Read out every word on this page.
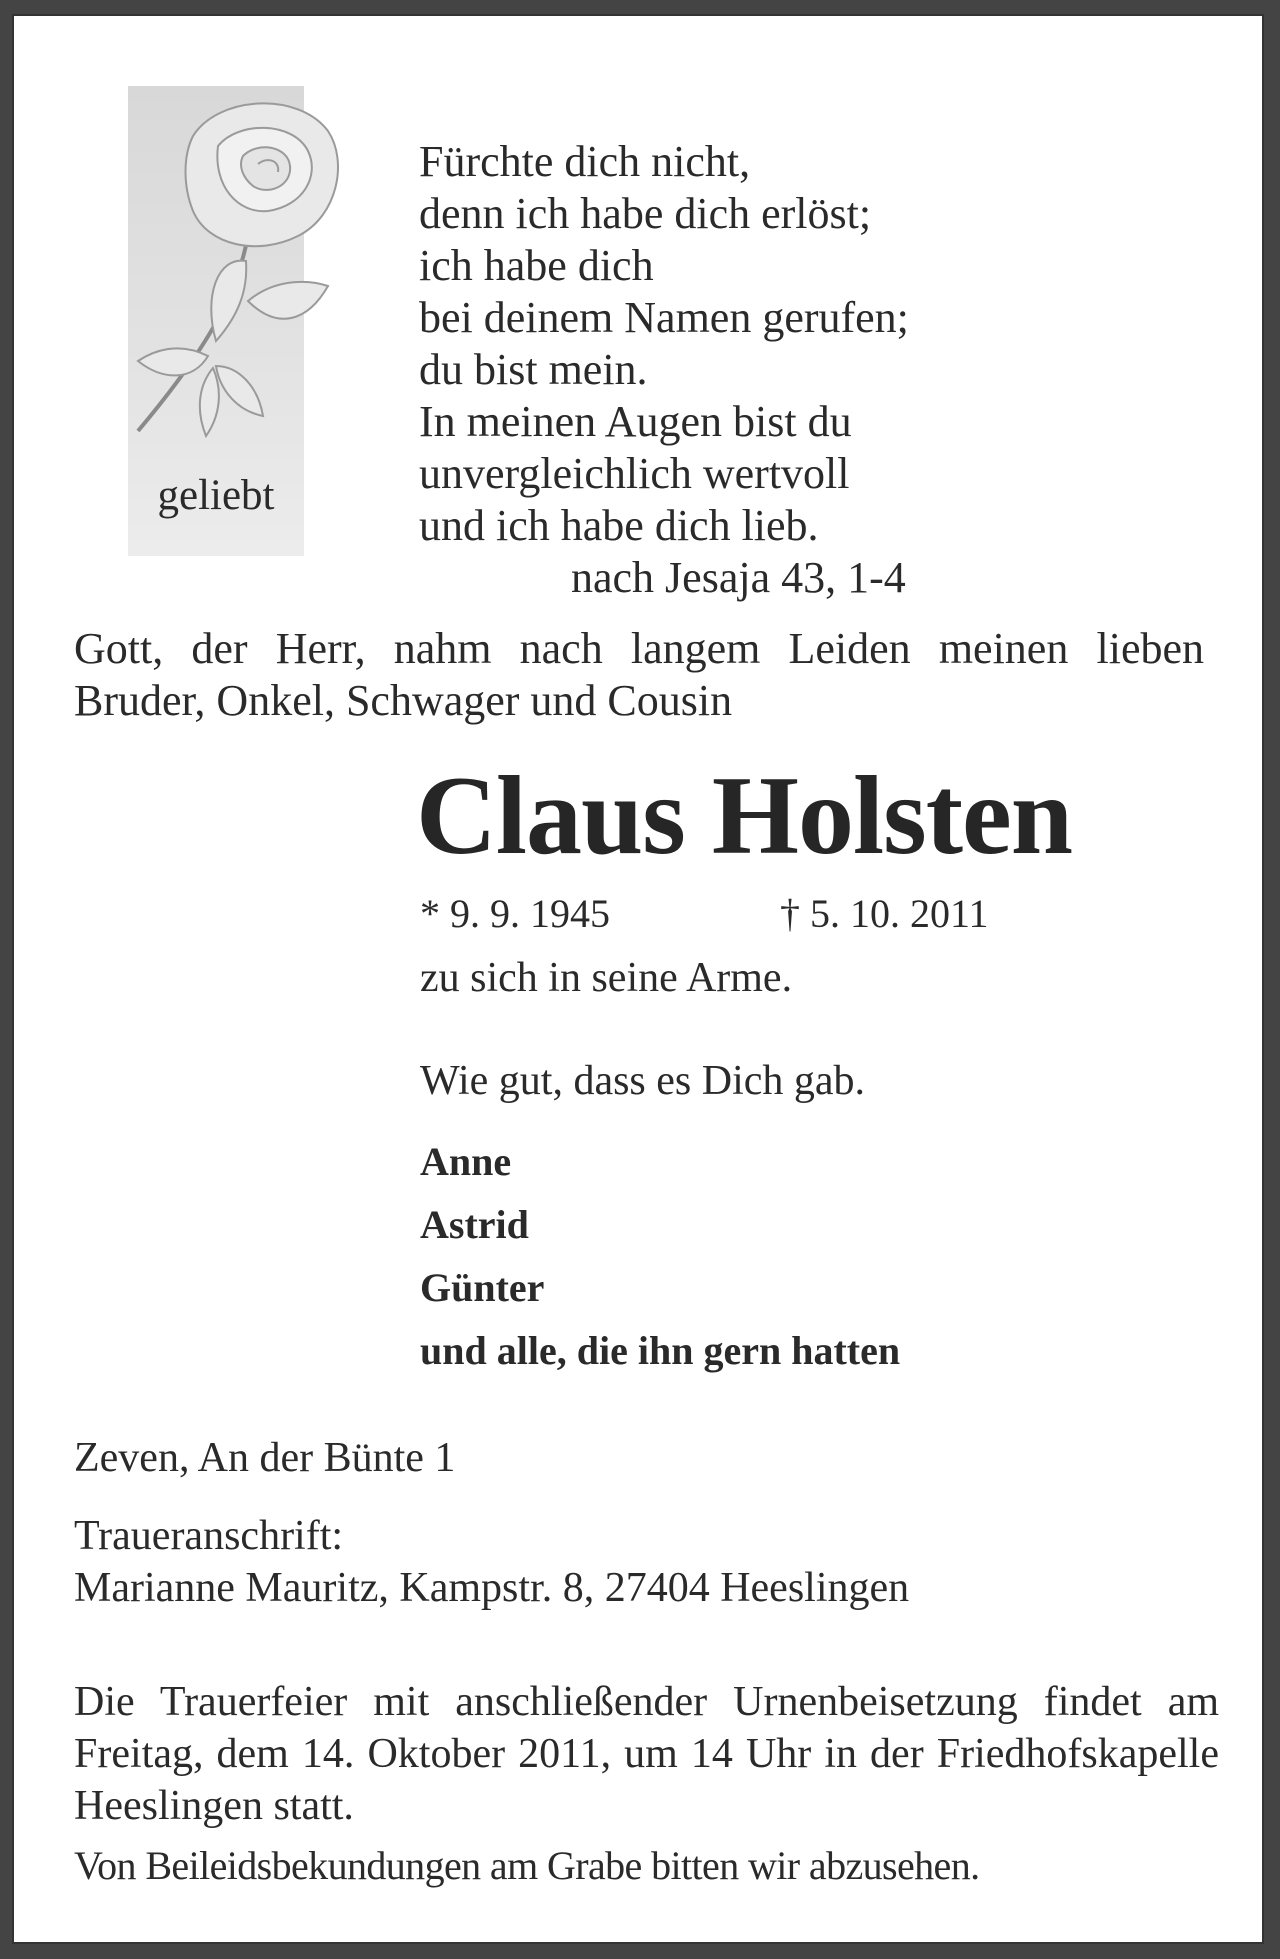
geliebt
Fürchte dich nicht,
denn ich habe dich erlöst;
ich habe dich
bei deinem Namen gerufen;
du bist mein.
In meinen Augen bist du
unvergleichlich wertvoll
und ich habe dich lieb.
nach Jesaja 43, 1-4

Gott, der Herr, nahm nach langem Leiden meinen lieben Bruder, Onkel, Schwager und Cousin

Claus Holsten
* 9. 9. 1945	† 5. 10. 2011
zu sich in seine Arme.
Wie gut, dass es Dich gab.
Anne
Astrid
Günter
und alle, die ihn gern hatten
Zeven, An der Bünte 1
Traueranschrift:
Marianne Mauritz, Kampstr. 8, 27404 Heeslingen

Die Trauerfeier mit anschließender Urnenbeisetzung findet am Freitag, dem 14. Oktober 2011, um 14 Uhr in der Friedhofskapelle Heeslingen statt.

Von Beileidsbekundungen am Grabe bitten wir abzusehen.
